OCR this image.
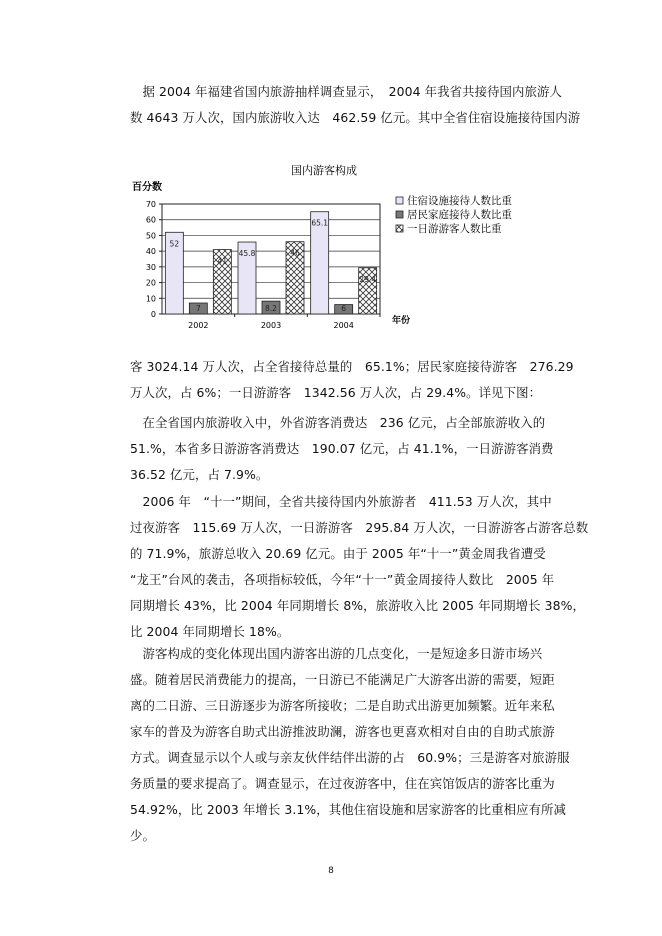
　据 2004 年福建省国内旅游抽样调查显示，　2004 年我省共接待国内旅游人
数 4643 万人次，国内旅游收入达　462.59 亿元。其中全省住宿设施接待国内游
国内游客构成
百分数
年份
0
10
20
30
40
50
60
70
52
7
41
45.8
8.2
46
65.1
6
29.4
2002	2003	2004
住宿设施接待人数比重
居民家庭接待人数比重
一日游游客人数比重
客 3024.14 万人次，占全省接待总量的　65.1%；居民家庭接待游客　276.29
万人次，占 6%；一日游游客　1342.56 万人次，占 29.4%。详见下图：
　在全省国内旅游收入中，外省游客消费达　236 亿元，占全部旅游收入的
51.%，本省多日游游客消费达　190.07 亿元，占 41.1%，一日游游客消费
36.52 亿元，占 7.9%。
　2006 年　“十一”期间，全省共接待国内外旅游者　411.53 万人次，其中
过夜游客　115.69 万人次，一日游游客　295.84 万人次，一日游游客占游客总数
的 71.9%，旅游总收入 20.69 亿元。由于 2005 年“十一”黄金周我省遭受
“龙王”台风的袭击，各项指标较低，今年“十一”黄金周接待人数比　2005 年
同期增长 43%，比 2004 年同期增长 8%，旅游收入比 2005 年同期增长 38%，
比 2004 年同期增长 18%。
　游客构成的变化体现出国内游客出游的几点变化，一是短途多日游市场兴
盛。随着居民消费能力的提高，一日游已不能满足广大游客出游的需要，短距
离的二日游、三日游逐步为游客所接收；二是自助式出游更加频繁。近年来私
家车的普及为游客自助式出游推波助澜，游客也更喜欢相对自由的自助式旅游
方式。调查显示以个人或与亲友伙伴结伴出游的占　60.9%；三是游客对旅游服
务质量的要求提高了。调查显示，在过夜游客中，住在宾馆饭店的游客比重为
54.92%，比 2003 年增长 3.1%，其他住宿设施和居家游客的比重相应有所减
少。
8
